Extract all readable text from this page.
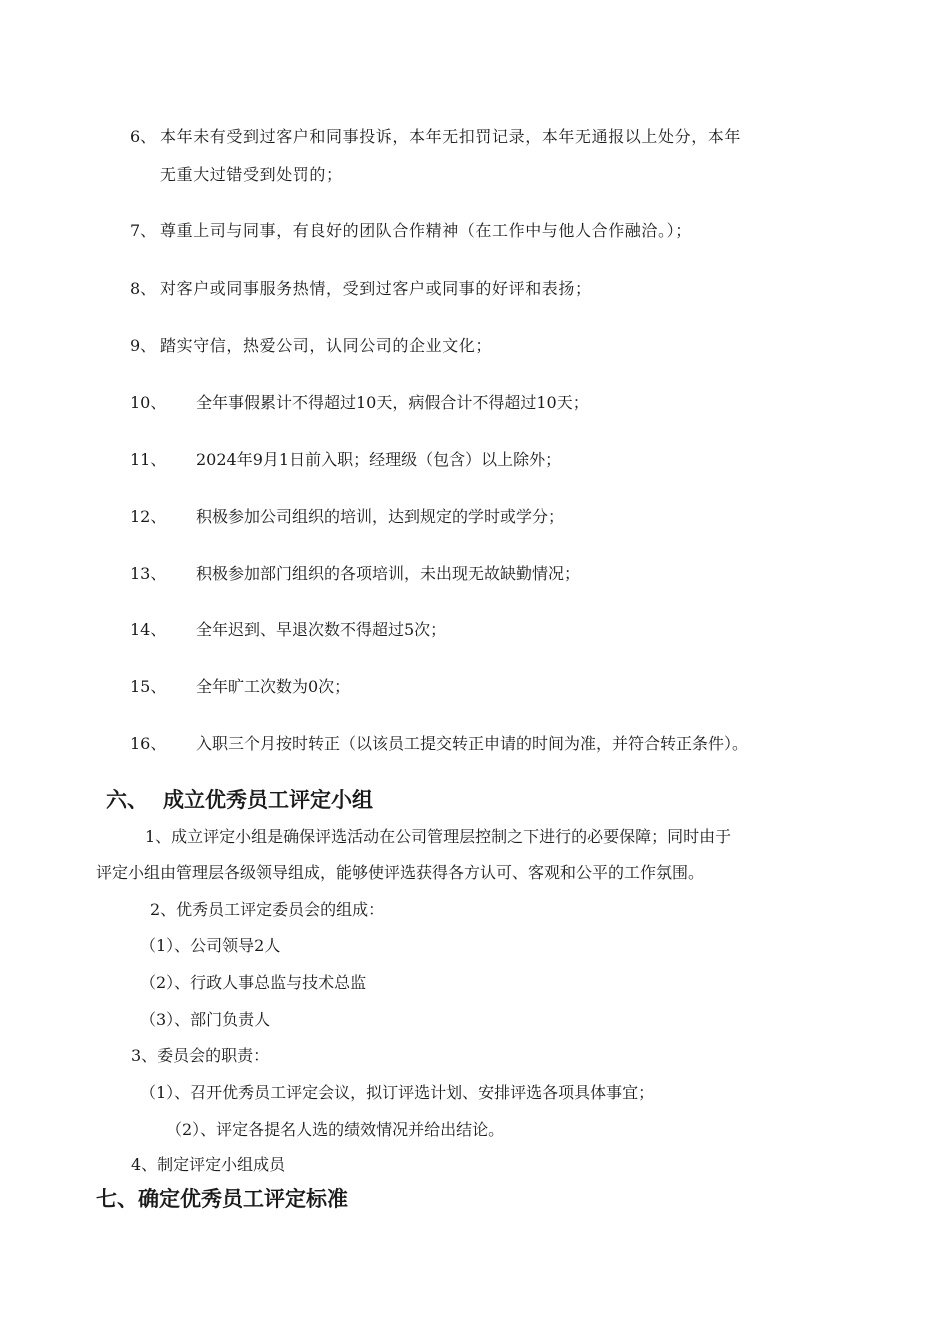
6、 本年未有受到过客户和同事投诉，本年无扣罚记录，本年无通报以上处分，本年
无重大过错受到处罚的；
7、 尊重上司与同事，有良好的团队合作精神（在工作中与他人合作融洽。）；
8、 对客户或同事服务热情，受到过客户或同事的好评和表扬；
9、 踏实守信，热爱公司，认同公司的企业文化；
10、 全年事假累计不得超过10天，病假合计不得超过10天；
11、 2024年9月1日前入职；经理级（包含）以上除外；
12、 积极参加公司组织的培训，达到规定的学时或学分；
13、 积极参加部门组织的各项培训，未出现无故缺勤情况；
14、 全年迟到、早退次数不得超过5次；
15、 全年旷工次数为0次；
16、 入职三个月按时转正（以该员工提交转正申请的时间为准，并符合转正条件）。
六、 成立优秀员工评定小组
1、成立评定小组是确保评选活动在公司管理层控制之下进行的必要保障；同时由于
评定小组由管理层各级领导组成，能够使评选获得各方认可、客观和公平的工作氛围。
2、优秀员工评定委员会的组成：
（1）、公司领导2人
（2）、行政人事总监与技术总监
（3）、部门负责人
3、委员会的职责：
（1）、召开优秀员工评定会议，拟订评选计划、安排评选各项具体事宜；
（2）、评定各提名人选的绩效情况并给出结论。
4、制定评定小组成员
七、确定优秀员工评定标准
